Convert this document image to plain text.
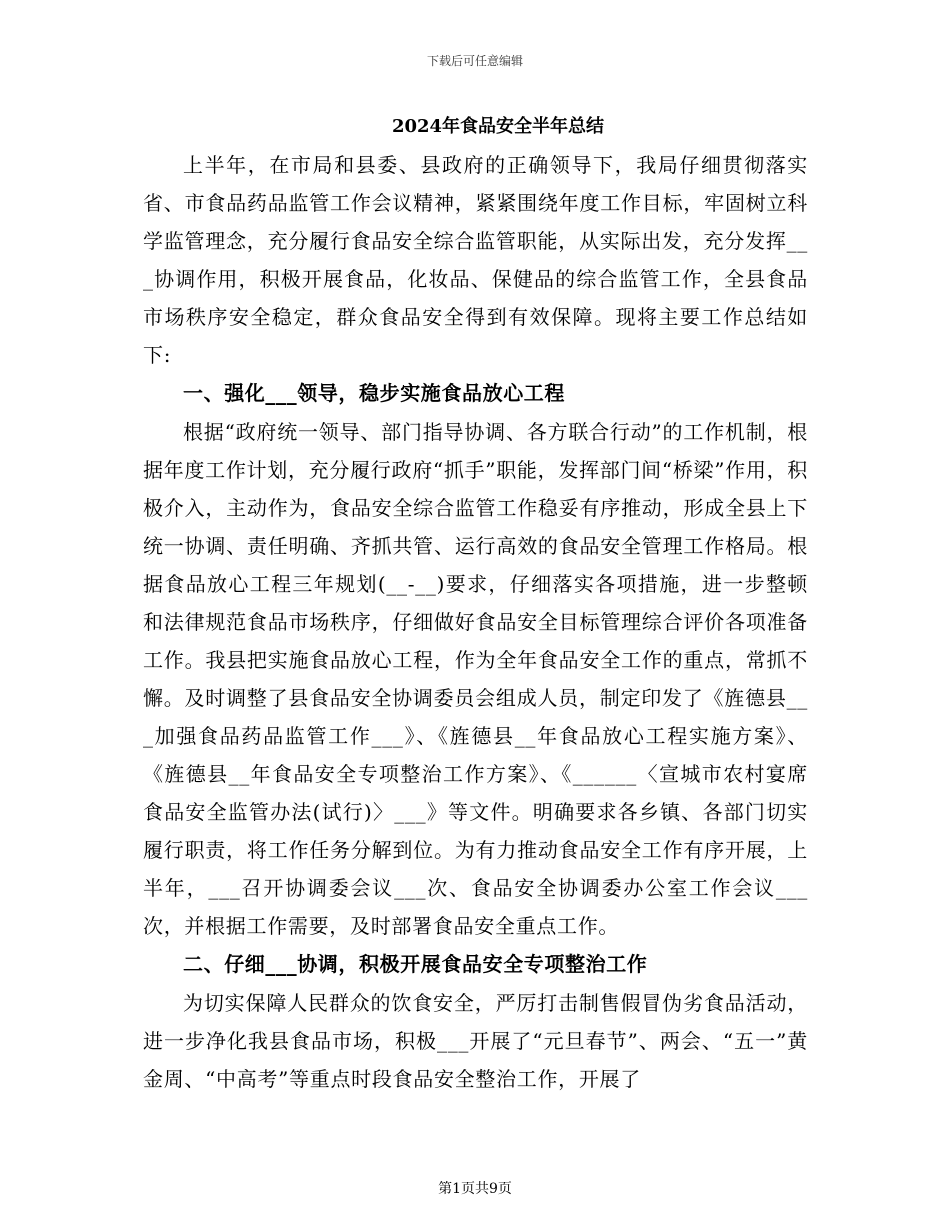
下载后可任意编辑
2024年食品安全半年总结

上半年，在市局和县委、县政府的正确领导下，我局仔细贯彻落实省、市食品药品监管工作会议精神，紧紧围绕年度工作目标，牢固树立科学监管理念，充分履行食品安全综合监管职能，从实际出发，充分发挥___协调作用，积极开展食品，化妆品、保健品的综合监管工作，全县食品市场秩序安全稳定，群众食品安全得到有效保障。现将主要工作总结如下:

一、强化___领导，稳步实施食品放心工程

根据“政府统一领导、部门指导协调、各方联合行动”的工作机制，根据年度工作计划，充分履行政府“抓手”职能，发挥部门间“桥梁”作用，积极介入，主动作为，食品安全综合监管工作稳妥有序推动，形成全县上下统一协调、责任明确、齐抓共管、运行高效的食品安全管理工作格局。根据食品放心工程三年规划(__-__)要求，仔细落实各项措施，进一步整顿和法律规范食品市场秩序，仔细做好食品安全目标管理综合评价各项准备工作。我县把实施食品放心工程，作为全年食品安全工作的重点，常抓不懈。及时调整了县食品安全协调委员会组成人员，制定印发了《旌德县___加强食品药品监管工作___》、《旌德县__年食品放心工程实施方案》、《旌德县__年食品安全专项整治工作方案》、《______〈宣城市农村宴席食品安全监管办法(试行)〉___》等文件。明确要求各乡镇、各部门切实履行职责，将工作任务分解到位。为有力推动食品安全工作有序开展，上半年，___召开协调委会议___次、食品安全协调委办公室工作会议___次，并根据工作需要，及时部署食品安全重点工作。

二、仔细___协调，积极开展食品安全专项整治工作

为切实保障人民群众的饮食安全，严厉打击制售假冒伪劣食品活动，进一步净化我县食品市场，积极___开展了“元旦春节”、两会、“五一”黄金周、“中高考”等重点时段食品安全整治工作，开展了

第1页共9页
